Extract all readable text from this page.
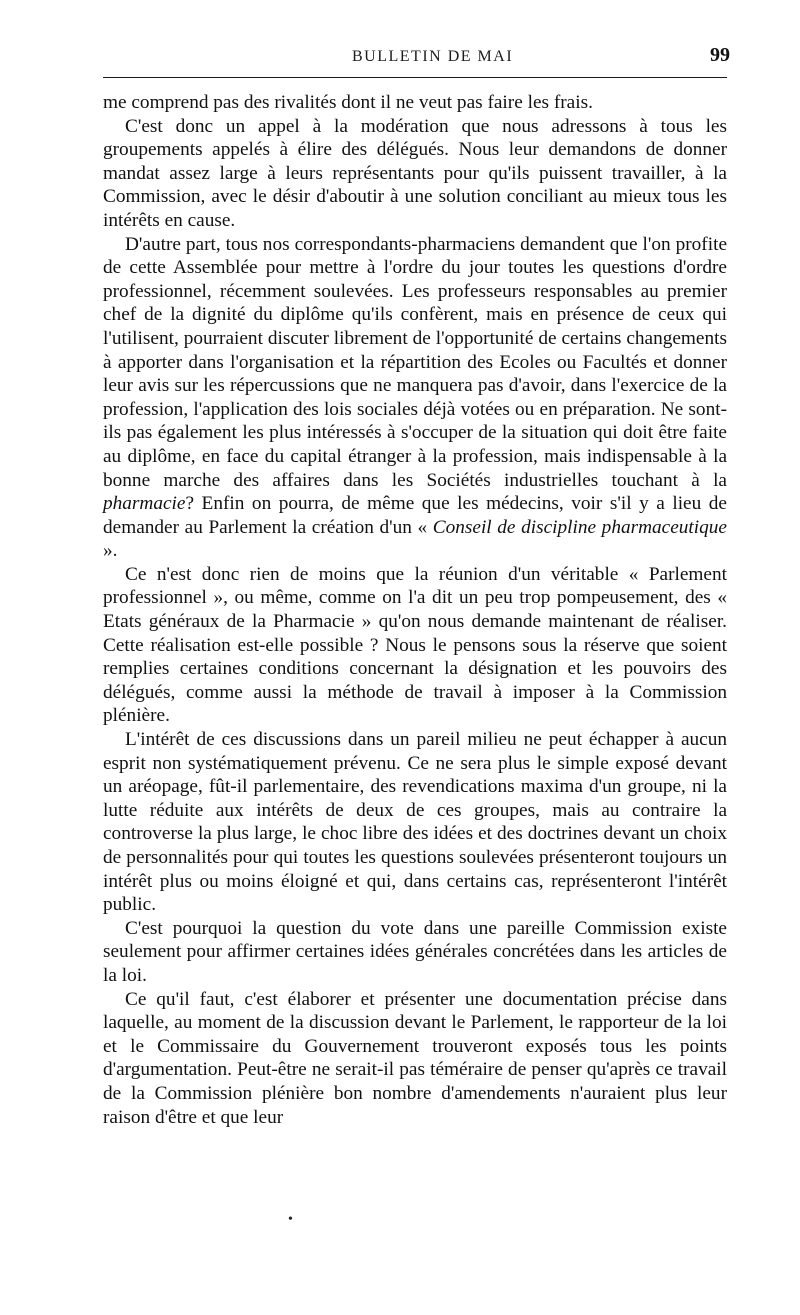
BULLETIN DE MAI	99

me comprend pas des rivalités dont il ne veut pas faire les frais.

C'est donc un appel à la modération que nous adressons à tous les groupements appelés à élire des délégués. Nous leur demandons de donner mandat assez large à leurs représentants pour qu'ils puissent travailler, à la Commission, avec le désir d'aboutir à une solution conciliant au mieux tous les intérêts en cause.

D'autre part, tous nos correspondants-pharmaciens demandent que l'on profite de cette Assemblée pour mettre à l'ordre du jour toutes les questions d'ordre professionnel, récemment soulevées. Les professeurs responsables au premier chef de la dignité du diplôme qu'ils confèrent, mais en présence de ceux qui l'utilisent, pourraient discuter librement de l'opportunité de certains changements à apporter dans l'organisation et la répartition des Ecoles ou Facultés et donner leur avis sur les répercussions que ne manquera pas d'avoir, dans l'exercice de la profession, l'application des lois sociales déjà votées ou en préparation. Ne sont-ils pas également les plus intéressés à s'occuper de la situation qui doit être faite au diplôme, en face du capital étranger à la profession, mais indispensable à la bonne marche des affaires dans les Sociétés industrielles touchant à la pharmacie? Enfin on pourra, de même que les médecins, voir s'il y a lieu de demander au Parlement la création d'un « Conseil de discipline pharmaceutique ».

Ce n'est donc rien de moins que la réunion d'un véritable « Parlement professionnel », ou même, comme on l'a dit un peu trop pompeusement, des « Etats généraux de la Pharmacie » qu'on nous demande maintenant de réaliser. Cette réalisation est-elle possible ? Nous le pensons sous la réserve que soient remplies certaines conditions concernant la désignation et les pouvoirs des délégués, comme aussi la méthode de travail à imposer à la Commission plénière.

L'intérêt de ces discussions dans un pareil milieu ne peut échapper à aucun esprit non systématiquement prévenu. Ce ne sera plus le simple exposé devant un aréopage, fût-il parlementaire, des revendications maxima d'un groupe, ni la lutte réduite aux intérêts de deux de ces groupes, mais au contraire la controverse la plus large, le choc libre des idées et des doctrines devant un choix de personnalités pour qui toutes les questions soulevées présenteront toujours un intérêt plus ou moins éloigné et qui, dans certains cas, représenteront l'intérêt public.

C'est pourquoi la question du vote dans une pareille Commission existe seulement pour affirmer certaines idées générales concrétées dans les articles de la loi.

Ce qu'il faut, c'est élaborer et présenter une documentation précise dans laquelle, au moment de la discussion devant le Parlement, le rapporteur de la loi et le Commissaire du Gouvernement trouveront exposés tous les points d'argumentation. Peut-être ne serait-il pas téméraire de penser qu'après ce travail de la Commission plénière bon nombre d'amendements n'auraient plus leur raison d'être et que leur

•
